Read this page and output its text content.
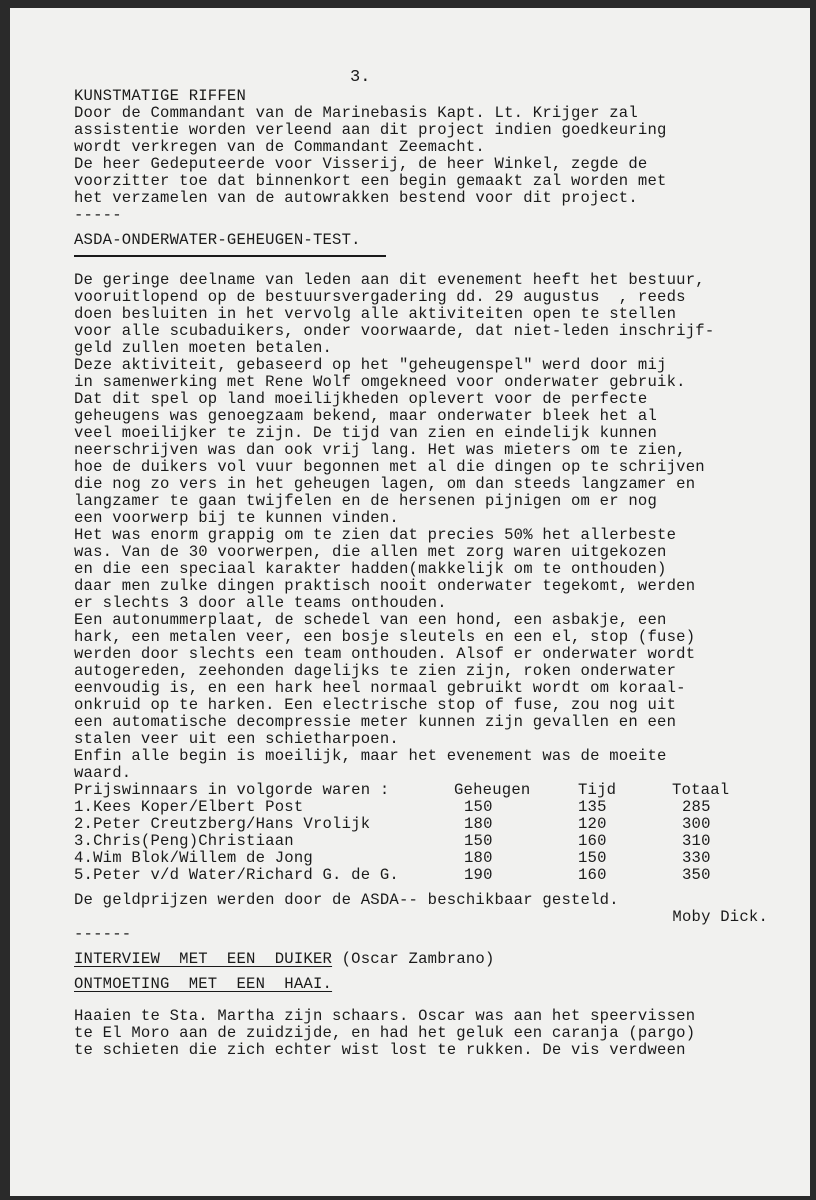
3.
KUNSTMATIGE RIFFEN
Door de Commandant van de Marinebasis Kapt. Lt. Krijger zal
assistentie worden verleend aan dit project indien goedkeuring
wordt verkregen van de Commandant Zeemacht.
De heer Gedeputeerde voor Visserij, de heer Winkel, zegde de
voorzitter toe dat binnenkort een begin gemaakt zal worden met
het verzamelen van de autowrakken bestend voor dit project.
-----
ASDA-ONDERWATER-GEHEUGEN-TEST.
De geringe deelname van leden aan dit evenement heeft het bestuur,
vooruitlopend op de bestuursvergadering dd. 29 augustus  , reeds
doen besluiten in het vervolg alle aktiviteiten open te stellen
voor alle scubaduikers, onder voorwaarde, dat niet-leden inschrijf-
geld zullen moeten betalen.
Deze aktiviteit, gebaseerd op het "geheugenspel" werd door mij
in samenwerking met Rene Wolf omgekneed voor onderwater gebruik.
Dat dit spel op land moeilijkheden oplevert voor de perfecte
geheugens was genoegzaam bekend, maar onderwater bleek het al
veel moeilijker te zijn. De tijd van zien en eindelijk kunnen
neerschrijven was dan ook vrij lang. Het was mieters om te zien,
hoe de duikers vol vuur begonnen met al die dingen op te schrijven
die nog zo vers in het geheugen lagen, om dan steeds langzamer en
langzamer te gaan twijfelen en de hersenen pijnigen om er nog
een voorwerp bij te kunnen vinden.
Het was enorm grappig om te zien dat precies 50% het allerbeste
was. Van de 30 voorwerpen, die allen met zorg waren uitgekozen
en die een speciaal karakter hadden(makkelijk om te onthouden)
daar men zulke dingen praktisch nooit onderwater tegekomt, werden
er slechts 3 door alle teams onthouden.
Een autonummerplaat, de schedel van een hond, een asbakje, een
hark, een metalen veer, een bosje sleutels en een el, stop (fuse)
werden door slechts een team onthouden. Alsof er onderwater wordt
autogereden, zeehonden dagelijks te zien zijn, roken onderwater
eenvoudig is, en een hark heel normaal gebruikt wordt om koraal-
onkruid op te harken. Een electrische stop of fuse, zou nog uit
een automatische decompressie meter kunnen zijn gevallen en een
stalen veer uit een schietharpoen.
Enfin alle begin is moeilijk, maar het evenement was de moeite
waard.
Prijswinnaars in volgorde waren :	Geheugen	Tijd	Totaal
1.Kees Koper/Elbert Post	150	135	285
2.Peter Creutzberg/Hans Vrolijk	180	120	300
3.Chris(Peng)Christiaan	150	160	310
4.Wim Blok/Willem de Jong	180	150	330
5.Peter v/d Water/Richard G. de G.	190	160	350
De geldprijzen werden door de ASDA-- beschikbaar gesteld.
Moby Dick.
------
INTERVIEW  MET  EEN  DUIKER (Oscar Zambrano)
ONTMOETING  MET  EEN  HAAI.
Haaien te Sta. Martha zijn schaars. Oscar was aan het speervissen
te El Moro aan de zuidzijde, en had het geluk een caranja (pargo)
te schieten die zich echter wist lost te rukken. De vis verdween
